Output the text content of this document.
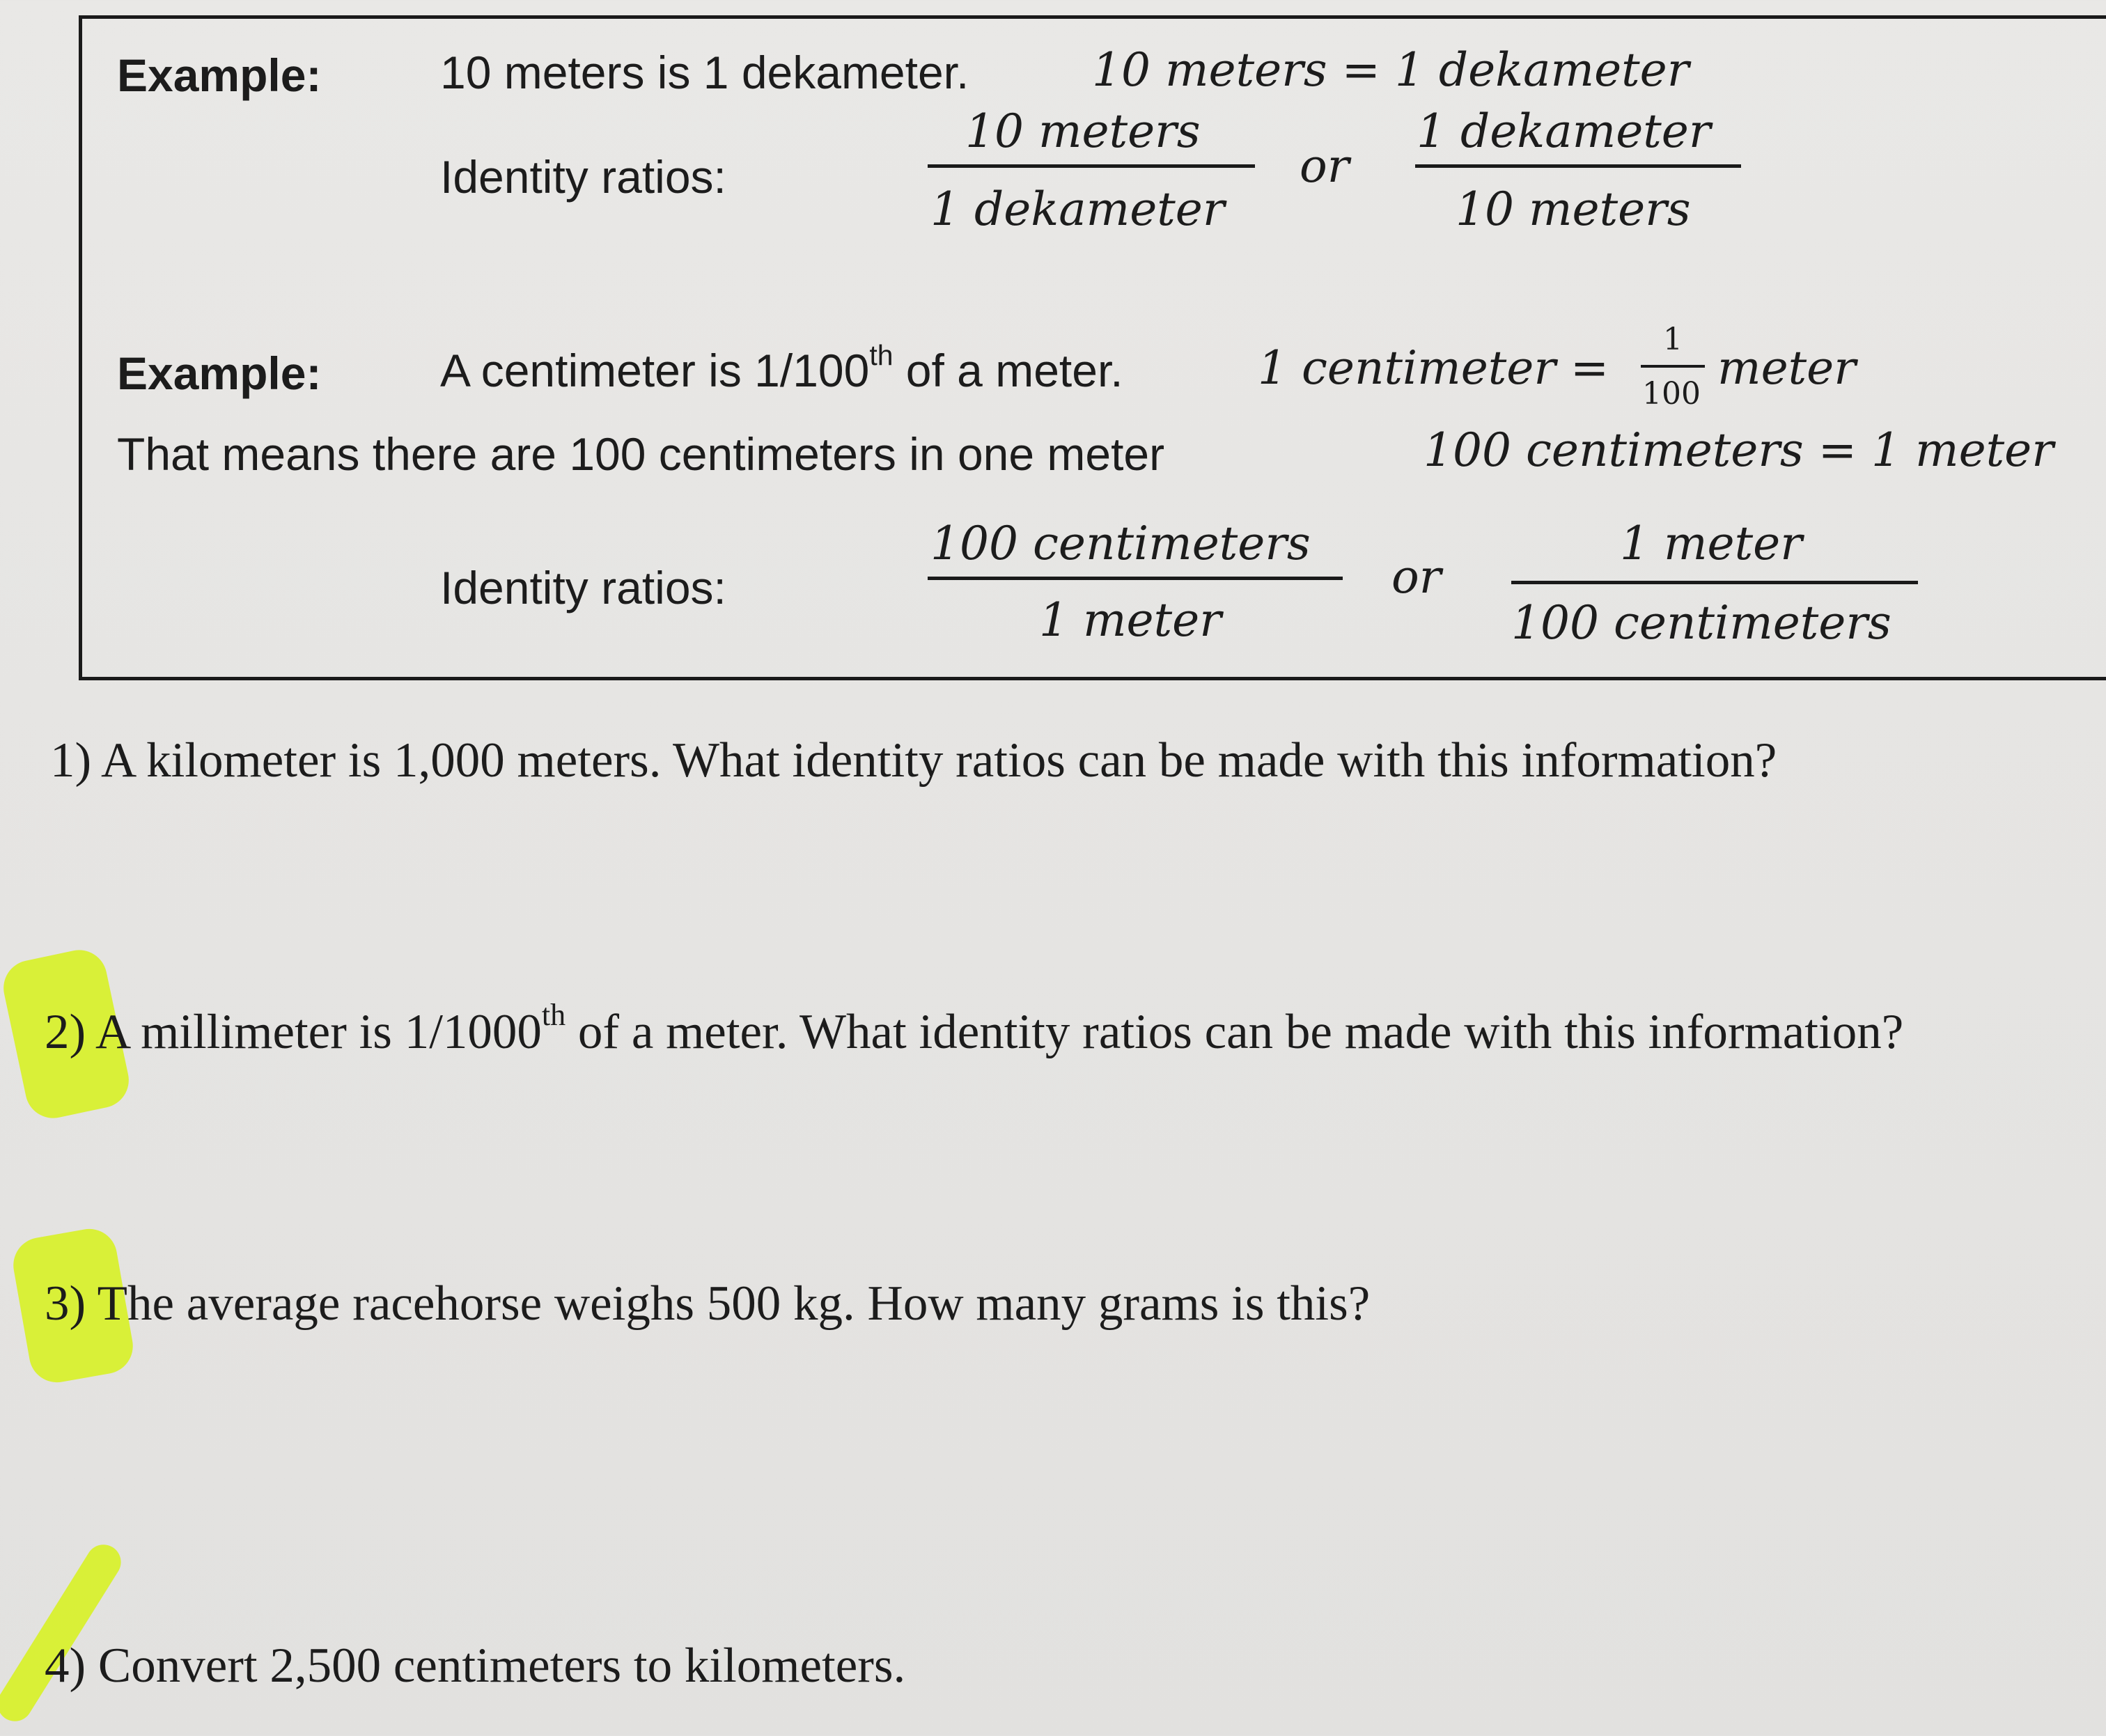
Example:	10 meters is 1 dekameter.	10 meters = 1 dekameter
Identity ratios:
10 meters
1 dekameter
or
1 dekameter
10 meters
Example:	A centimeter is 1/100th of a meter.	1 centimeter =
1
100 meter
That means there are 100 centimeters in one meter	100 centimeters = 1 meter
Identity ratios:
100 centimeters
1 meter
or
1 meter
100 centimeters
1) A kilometer is 1,000 meters. What identity ratios can be made with this information?
2) A millimeter is 1/1000th of a meter. What identity ratios can be made with this information?
3) The average racehorse weighs 500 kg. How many grams is this?
4) Convert 2,500 centimeters to kilometers.
